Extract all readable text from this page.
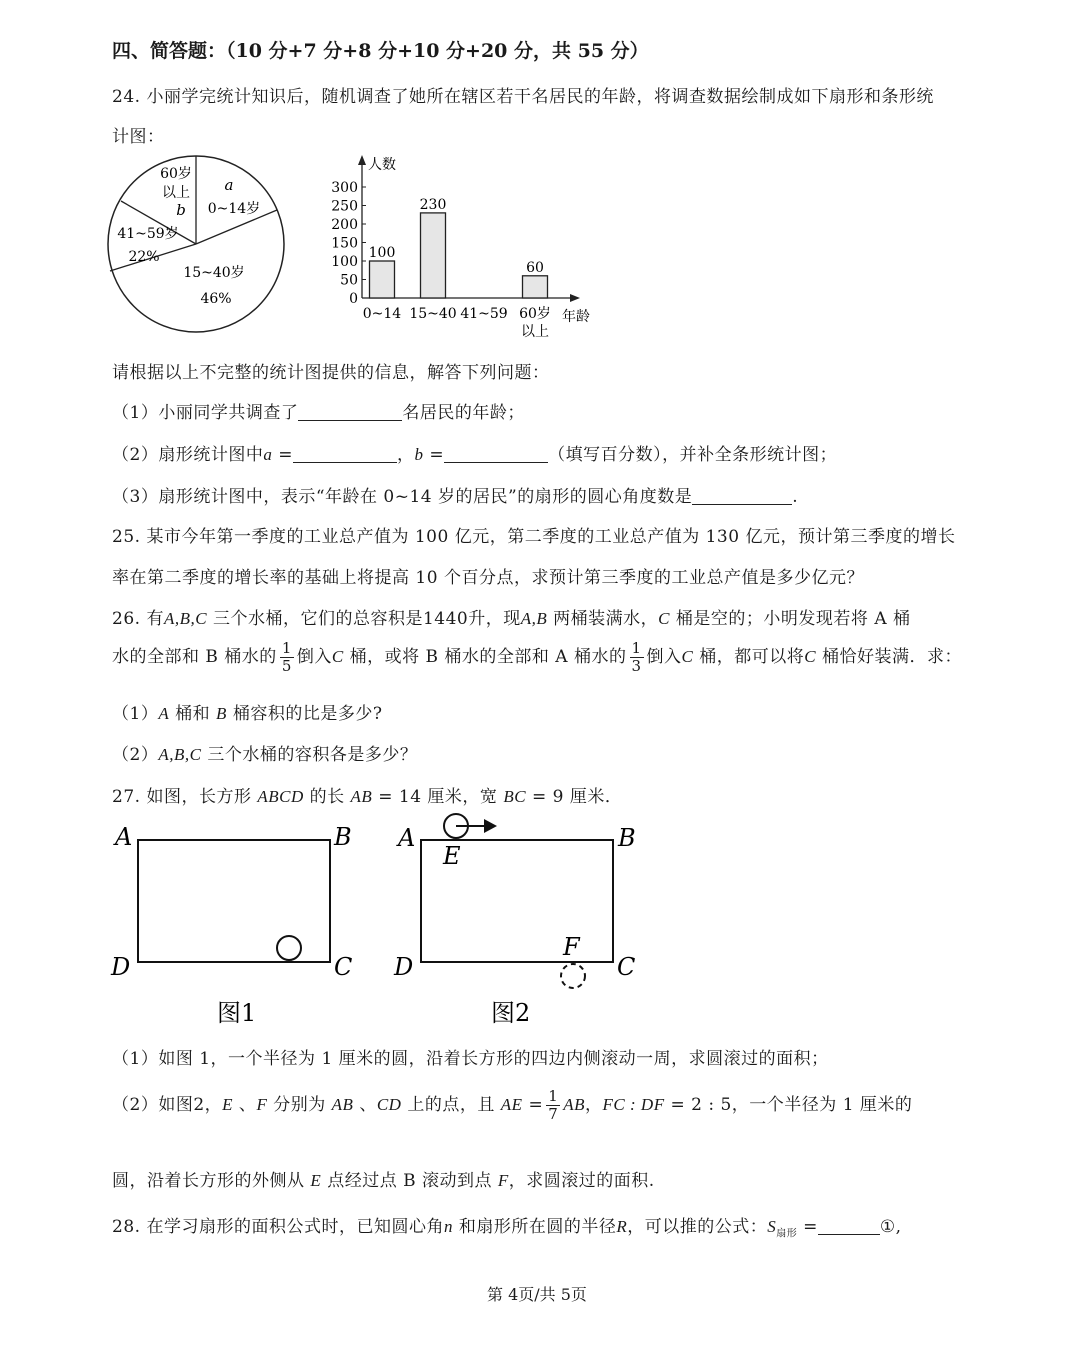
四、简答题：（10 分+7 分+8 分+10 分+20 分，共 55 分）
24. 小丽学完统计知识后，随机调查了她所在辖区若干名居民的年龄，将调查数据绘制成如下扇形和条形统
计图：
a
0~14岁
60岁
以上
b
41~59岁
22%
15~40岁
46%
人数
年龄
0
50
100
150
200
250
300
100
0~14
230
15~40 41~59
60
60岁
以上
请根据以上不完整的统计图提供的信息，解答下列问题：
（1）小丽同学共调查了	名居民的年龄；
（2）扇形统计图中a =	，b =	（填写百分数），并补全条形统计图；
（3）扇形统计图中，表示“年龄在 0~14 岁的居民”的扇形的圆心角度数是	.
25. 某市今年第一季度的工业总产值为 100 亿元，第二季度的工业总产值为 130 亿元，预计第三季度的增长
率在第二季度的增长率的基础上将提高 10 个百分点，求预计第三季度的工业总产值是多少亿元？
26. 有A,B,C 三个水桶，它们的总容积是1440升，现A,B 两桶装满水，C 桶是空的；小明发现若将 A 桶
水的全部和 B 桶水的 $\frac{1}{5}$ 倒入C 桶，或将 B 桶水的全部和 A 桶水的 $\frac{1}{3}$ 倒入C 桶，都可以将C 桶恰好装满．求：
（1）A 桶和 B 桶容积的比是多少?
（2）A,B,C 三个水桶的容积各是多少？
27. 如图，长方形 ABCD 的长 AB = 14 厘米，宽 BC = 9 厘米．
A	B
C
D
图1
A	B
C
D
E
F
图2
（1）如图 1，一个半径为 1 厘米的圆，沿着长方形的四边内侧滚动一周，求圆滚过的面积；
（2）如图2，E 、F 分别为 AB 、CD 上的点，且 AE = $\frac{1}{7}$ AB，FC : DF = 2 : 5，一个半径为 1 厘米的
圆，沿着长方形的外侧从 E 点经过点 B 滚动到点 F，求圆滚过的面积.
28. 在学习扇形的面积公式时，已知圆心角n 和扇形所在圆的半径R，可以推的公式：$S_{扇形}$ =	①,
第 4页/共 5页
